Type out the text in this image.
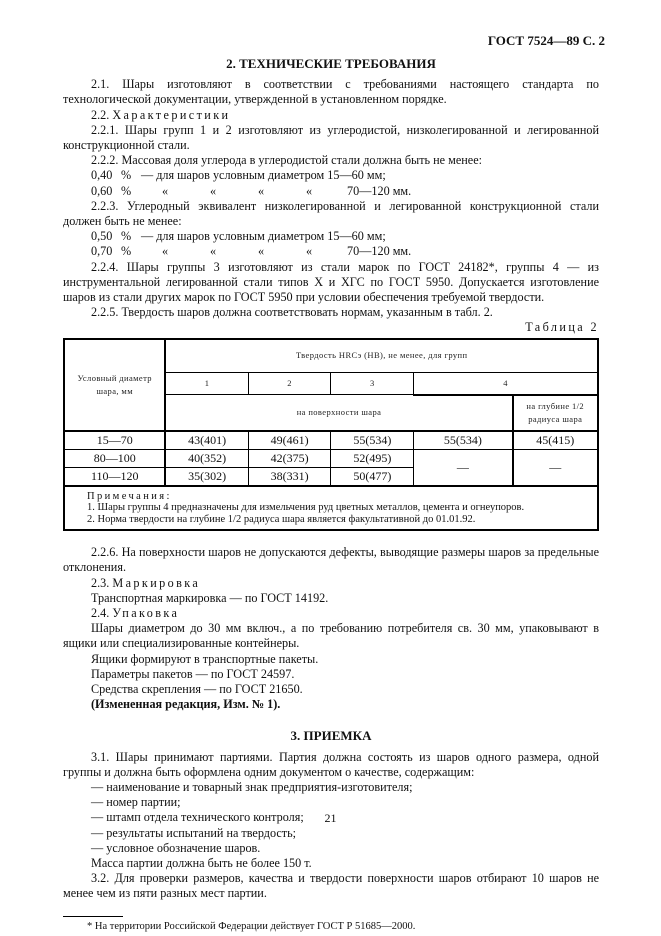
ГОСТ 7524—89 С. 2
2. ТЕХНИЧЕСКИЕ ТРЕБОВАНИЯ

2.1. Шары изготовляют в соответствии с требованиями настоящего стандарта по технологической документации, утвержденной в установленном порядке.

2.2. Характеристики

2.2.1. Шары групп 1 и 2 изготовляют из углеродистой, низколегированной и легированной конструкционной стали.

2.2.2. Массовая доля углерода в углеродистой стали должна быть не менее:

0,40 % — для шаров условным диаметром 15—60 мм;
0,60 %	«	«	«	«	70—120 мм.

2.2.3. Углеродный эквивалент низколегированной и легированной конструкционной стали должен быть не менее:

0,50 % — для шаров условным диаметром 15—60 мм;
0,70 %	«	«	«	«	70—120 мм.

2.2.4. Шары группы 3 изготовляют из стали марок по ГОСТ 24182*, группы 4 — из инструментальной легированной стали типов Х и ХГС по ГОСТ 5950. Допускается изготовление шаров из стали других марок по ГОСТ 5950 при условии обеспечения требуемой твердости.

2.2.5. Твердость шаров должна соответствовать нормам, указанным в табл. 2.

Таблица 2

Условный диаметр шара, мм	Твердость HRCэ (HB), не менее, для групп				
	1	2	3	4	
	на поверхности шара				на глубине 1/2 радиуса шара
15—70	43(401)	49(461)	55(534)	55(534)	45(415)
80—100	40(352)	42(375)	52(495)	—	—
110—120	35(302)	38(331)	50(477)		

Примечания:
1. Шары группы 4 предназначены для измельчения руд цветных металлов, цемента и огнеупоров.
2. Норма твердости на глубине 1/2 радиуса шара является факультативной до 01.01.92.					

2.2.6. На поверхности шаров не допускаются дефекты, выводящие размеры шаров за предельные отклонения.

2.3. Маркировка

Транспортная маркировка — по ГОСТ 14192.

2.4. Упаковка

Шары диаметром до 30 мм включ., а по требованию потребителя св. 30 мм, упаковывают в ящики или специализированные контейнеры.

Ящики формируют в транспортные пакеты.

Параметры пакетов — по ГОСТ 24597.

Средства скрепления — по ГОСТ 21650.

(Измененная редакция, Изм. № 1).

3. ПРИЕМКА

3.1. Шары принимают партиями. Партия должна состоять из шаров одного размера, одной группы и должна быть оформлена одним документом о качестве, содержащим:

— наименование и товарный знак предприятия-изготовителя;

— номер партии;

— штамп отдела технического контроля;

— результаты испытаний на твердость;

— условное обозначение шаров.

Масса партии должна быть не более 150 т.

3.2. Для проверки размеров, качества и твердости поверхности шаров отбирают 10 шаров не менее чем из пяти разных мест партии.

* На территории Российской Федерации действует ГОСТ Р 51685—2000.
21
